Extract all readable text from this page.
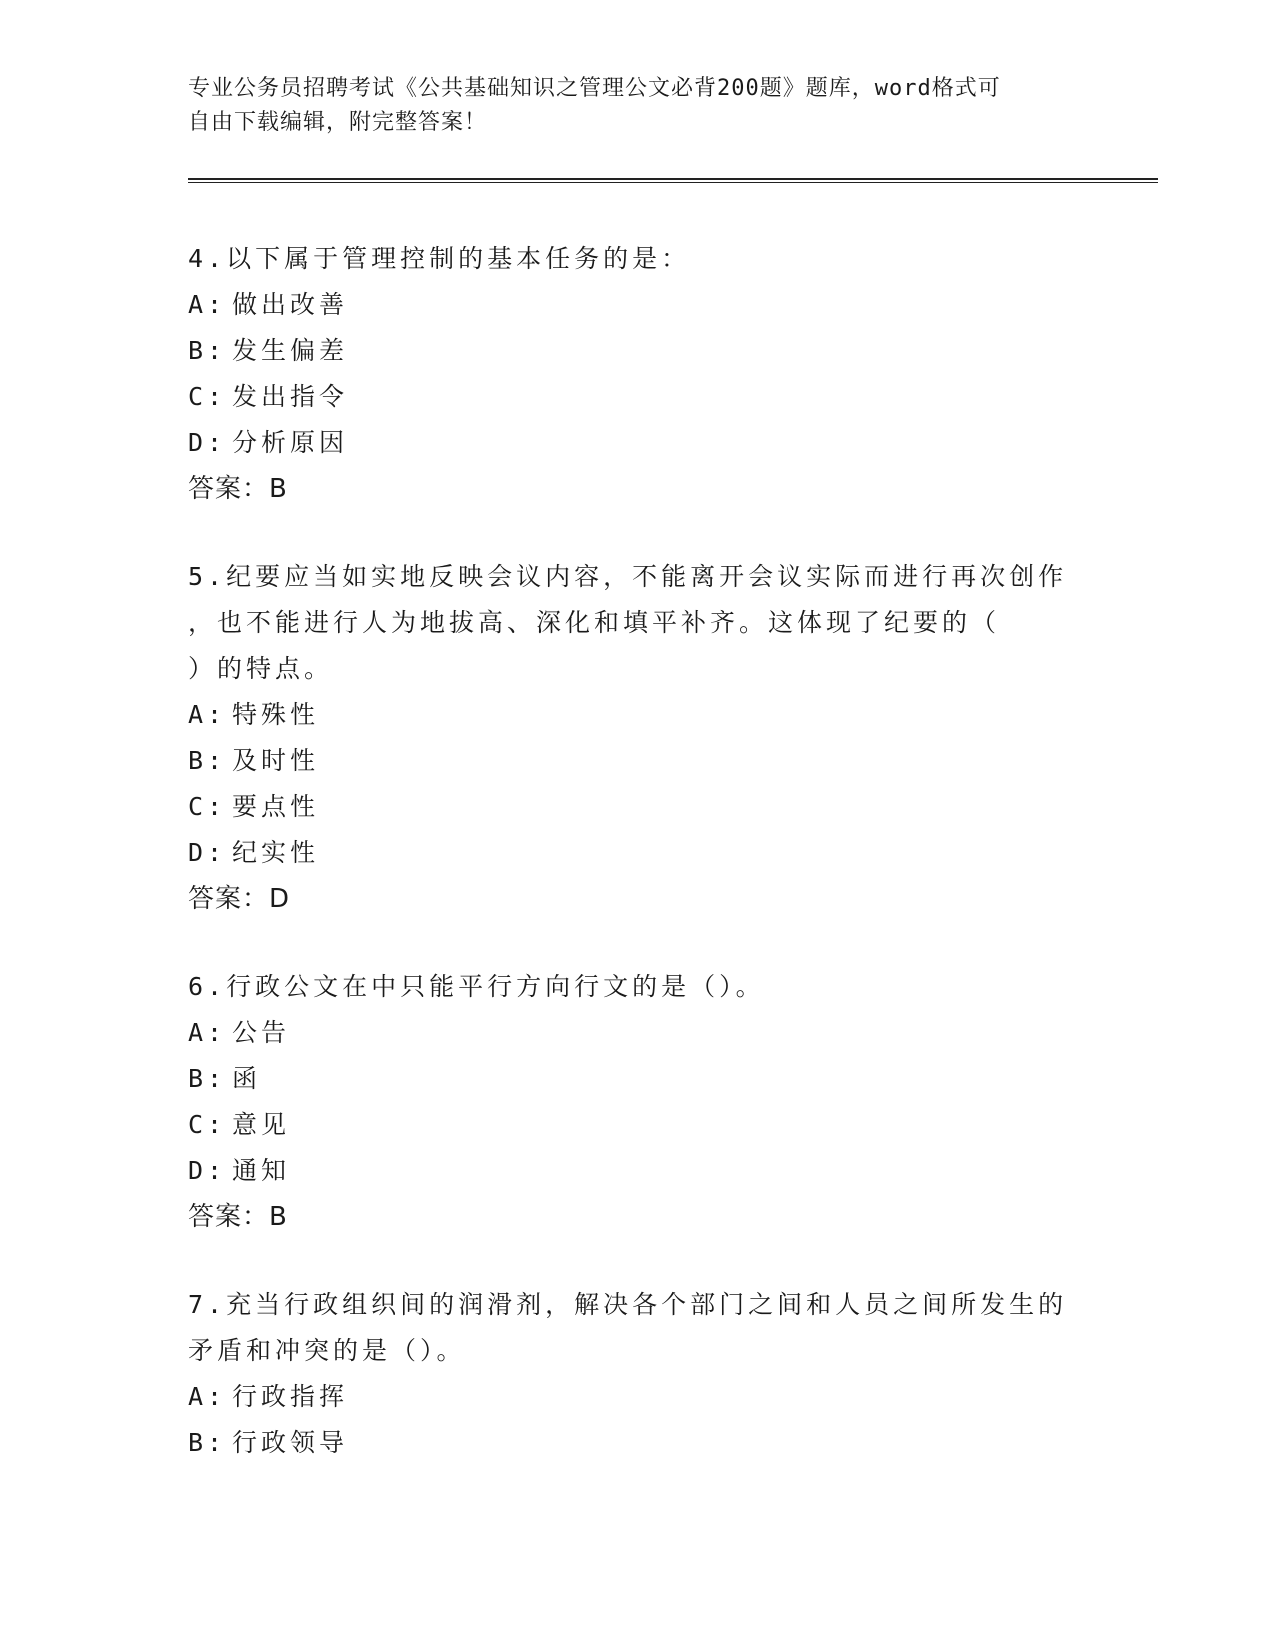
专业公务员招聘考试《公共基础知识之管理公文必背200题》题库，word格式可
自由下载编辑，附完整答案！
4.以下属于管理控制的基本任务的是：
A: 做出改善
B: 发生偏差
C: 发出指令
D: 分析原因
答案：B
5.纪要应当如实地反映会议内容，不能离开会议实际而进行再次创作
，也不能进行人为地拔高、深化和填平补齐。这体现了纪要的（
）的特点。
A: 特殊性
B: 及时性
C: 要点性
D: 纪实性
答案：D
6.行政公文在中只能平行方向行文的是（）。
A: 公告
B: 函
C: 意见
D: 通知
答案：B
7.充当行政组织间的润滑剂，解决各个部门之间和人员之间所发生的
矛盾和冲突的是（）。
A: 行政指挥
B: 行政领导
